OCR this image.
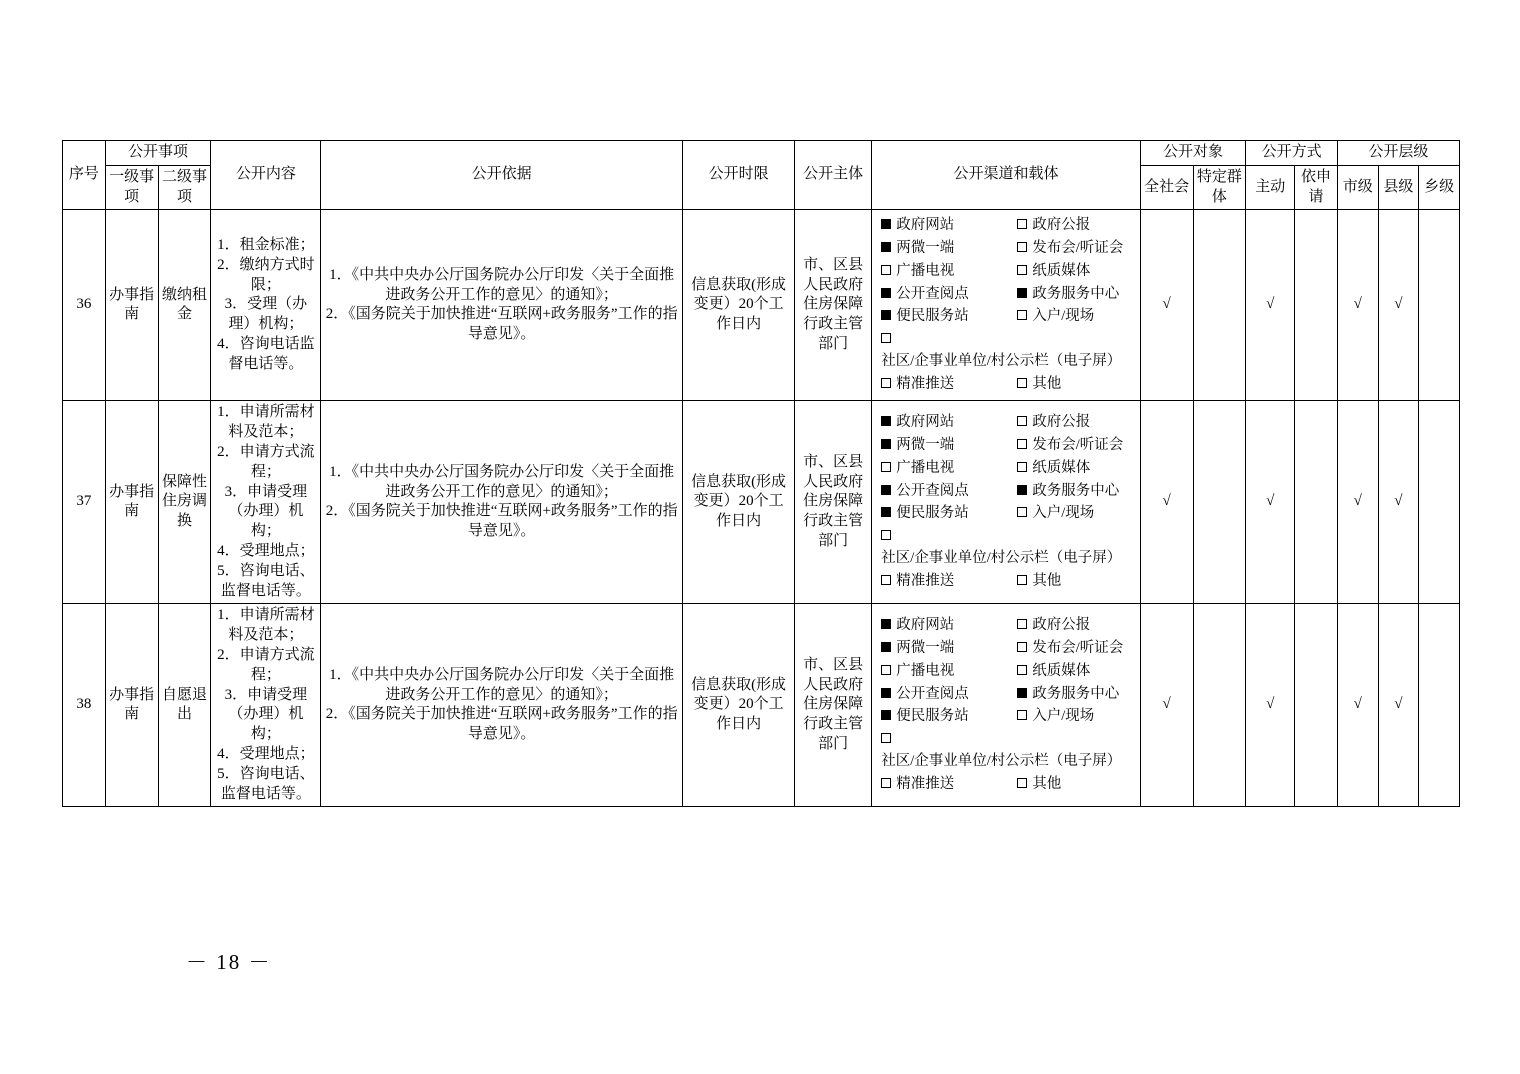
序号	公开事项		公开内容	公开依据	公开时限	公开主体	公开渠道和载体	公开对象		公开方式		公开层级		
	一级事项	二级事项						全社会	特定群体	主动	依申请	市级	县级	乡级
36	办事指南	缴纳租金	1．租金标准；
2．缴纳方式时限；
3．受理（办理）机构；
4．咨询电话监督电话等。	1．《中共中央办公厅国务院办公厅印发〈关于全面推进政务公开工作的意见〉的通知》；
2．《国务院关于加快推进“互联网+政务服务”工作的指导意见》。	信息获取(形成变更）20个工作日内	市、区县人民政府住房保障行政主管部门	
政府网站	政府公报
两微一端	发布会/听证会
广播电视	纸质媒体
公开查阅点	政务服务中心
便民服务站	入户/现场
社区/企事业单位/村公示栏（电子屏）
精准推送	其他
	√		√		√	√	
37	办事指南	保障性住房调换	1．申请所需材料及范本；
2．申请方式流程；
3．申请受理（办理）机构；
4．受理地点；
5．咨询电话、监督电话等。	1．《中共中央办公厅国务院办公厅印发〈关于全面推进政务公开工作的意见〉的通知》；
2．《国务院关于加快推进“互联网+政务服务”工作的指导意见》。	信息获取(形成变更）20个工作日内	市、区县人民政府住房保障行政主管部门	
政府网站	政府公报
两微一端	发布会/听证会
广播电视	纸质媒体
公开查阅点	政务服务中心
便民服务站	入户/现场
社区/企事业单位/村公示栏（电子屏）
精准推送	其他
	√		√		√	√	
38	办事指南	自愿退出	1．申请所需材料及范本；
2．申请方式流程；
3．申请受理（办理）机构；
4．受理地点；
5．咨询电话、监督电话等。	1．《中共中央办公厅国务院办公厅印发〈关于全面推进政务公开工作的意见〉的通知》；
2．《国务院关于加快推进“互联网+政务服务”工作的指导意见》。	信息获取(形成变更）20个工作日内	市、区县人民政府住房保障行政主管部门	
政府网站	政府公报
两微一端	发布会/听证会
广播电视	纸质媒体
公开查阅点	政务服务中心
便民服务站	入户/现场
社区/企事业单位/村公示栏（电子屏）
精准推送	其他
	√		√		√	√	
－ 18 －
